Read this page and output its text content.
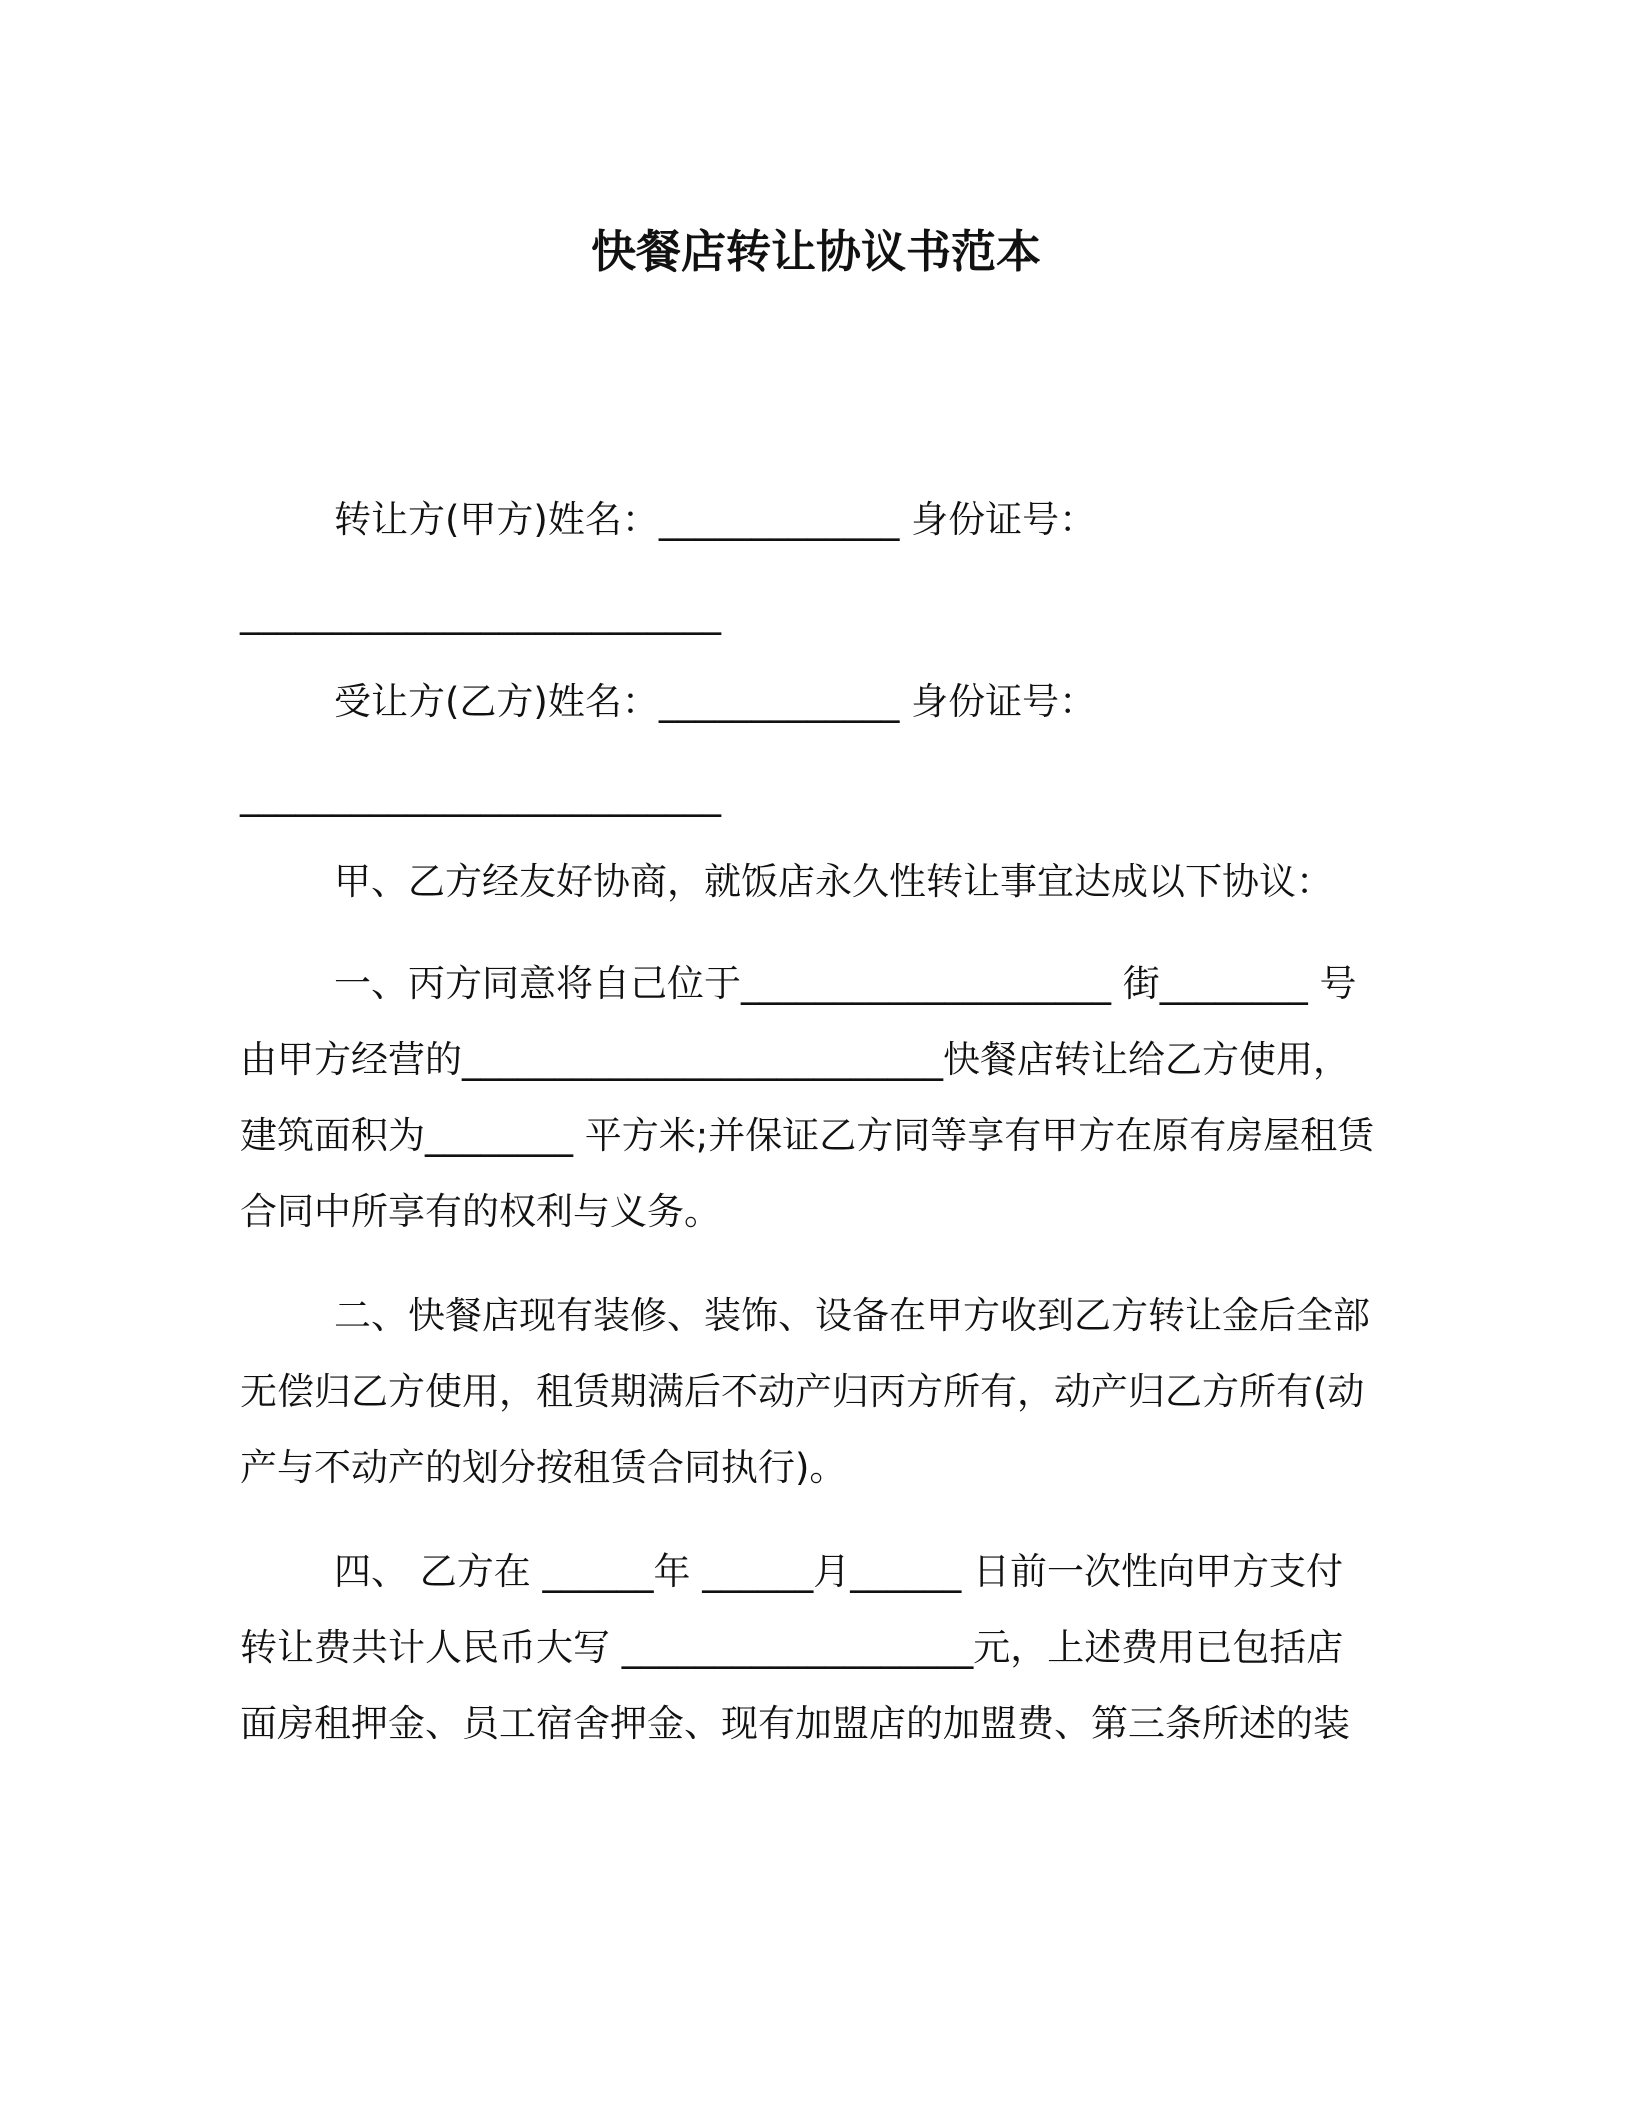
快餐店转让协议书范本
转让方(甲方)姓名：_____________ 身份证号：
__________________________
受让方(乙方)姓名：_____________ 身份证号：
__________________________
甲、乙方经友好协商，就饭店永久性转让事宜达成以下协议：
一、丙方同意将自己位于____________________ 街________ 号
由甲方经营的__________________________快餐店转让给乙方使用，
建筑面积为________ 平方米;并保证乙方同等享有甲方在原有房屋租赁
合同中所享有的权利与义务。
二、快餐店现有装修、装饰、设备在甲方收到乙方转让金后全部
无偿归乙方使用，租赁期满后不动产归丙方所有，动产归乙方所有(动
产与不动产的划分按租赁合同执行)。
四、 乙方在 ______年 ______月______ 日前一次性向甲方支付
转让费共计人民币大写 ___________________元，上述费用已包括店
面房租押金、员工宿舍押金、现有加盟店的加盟费、第三条所述的装
